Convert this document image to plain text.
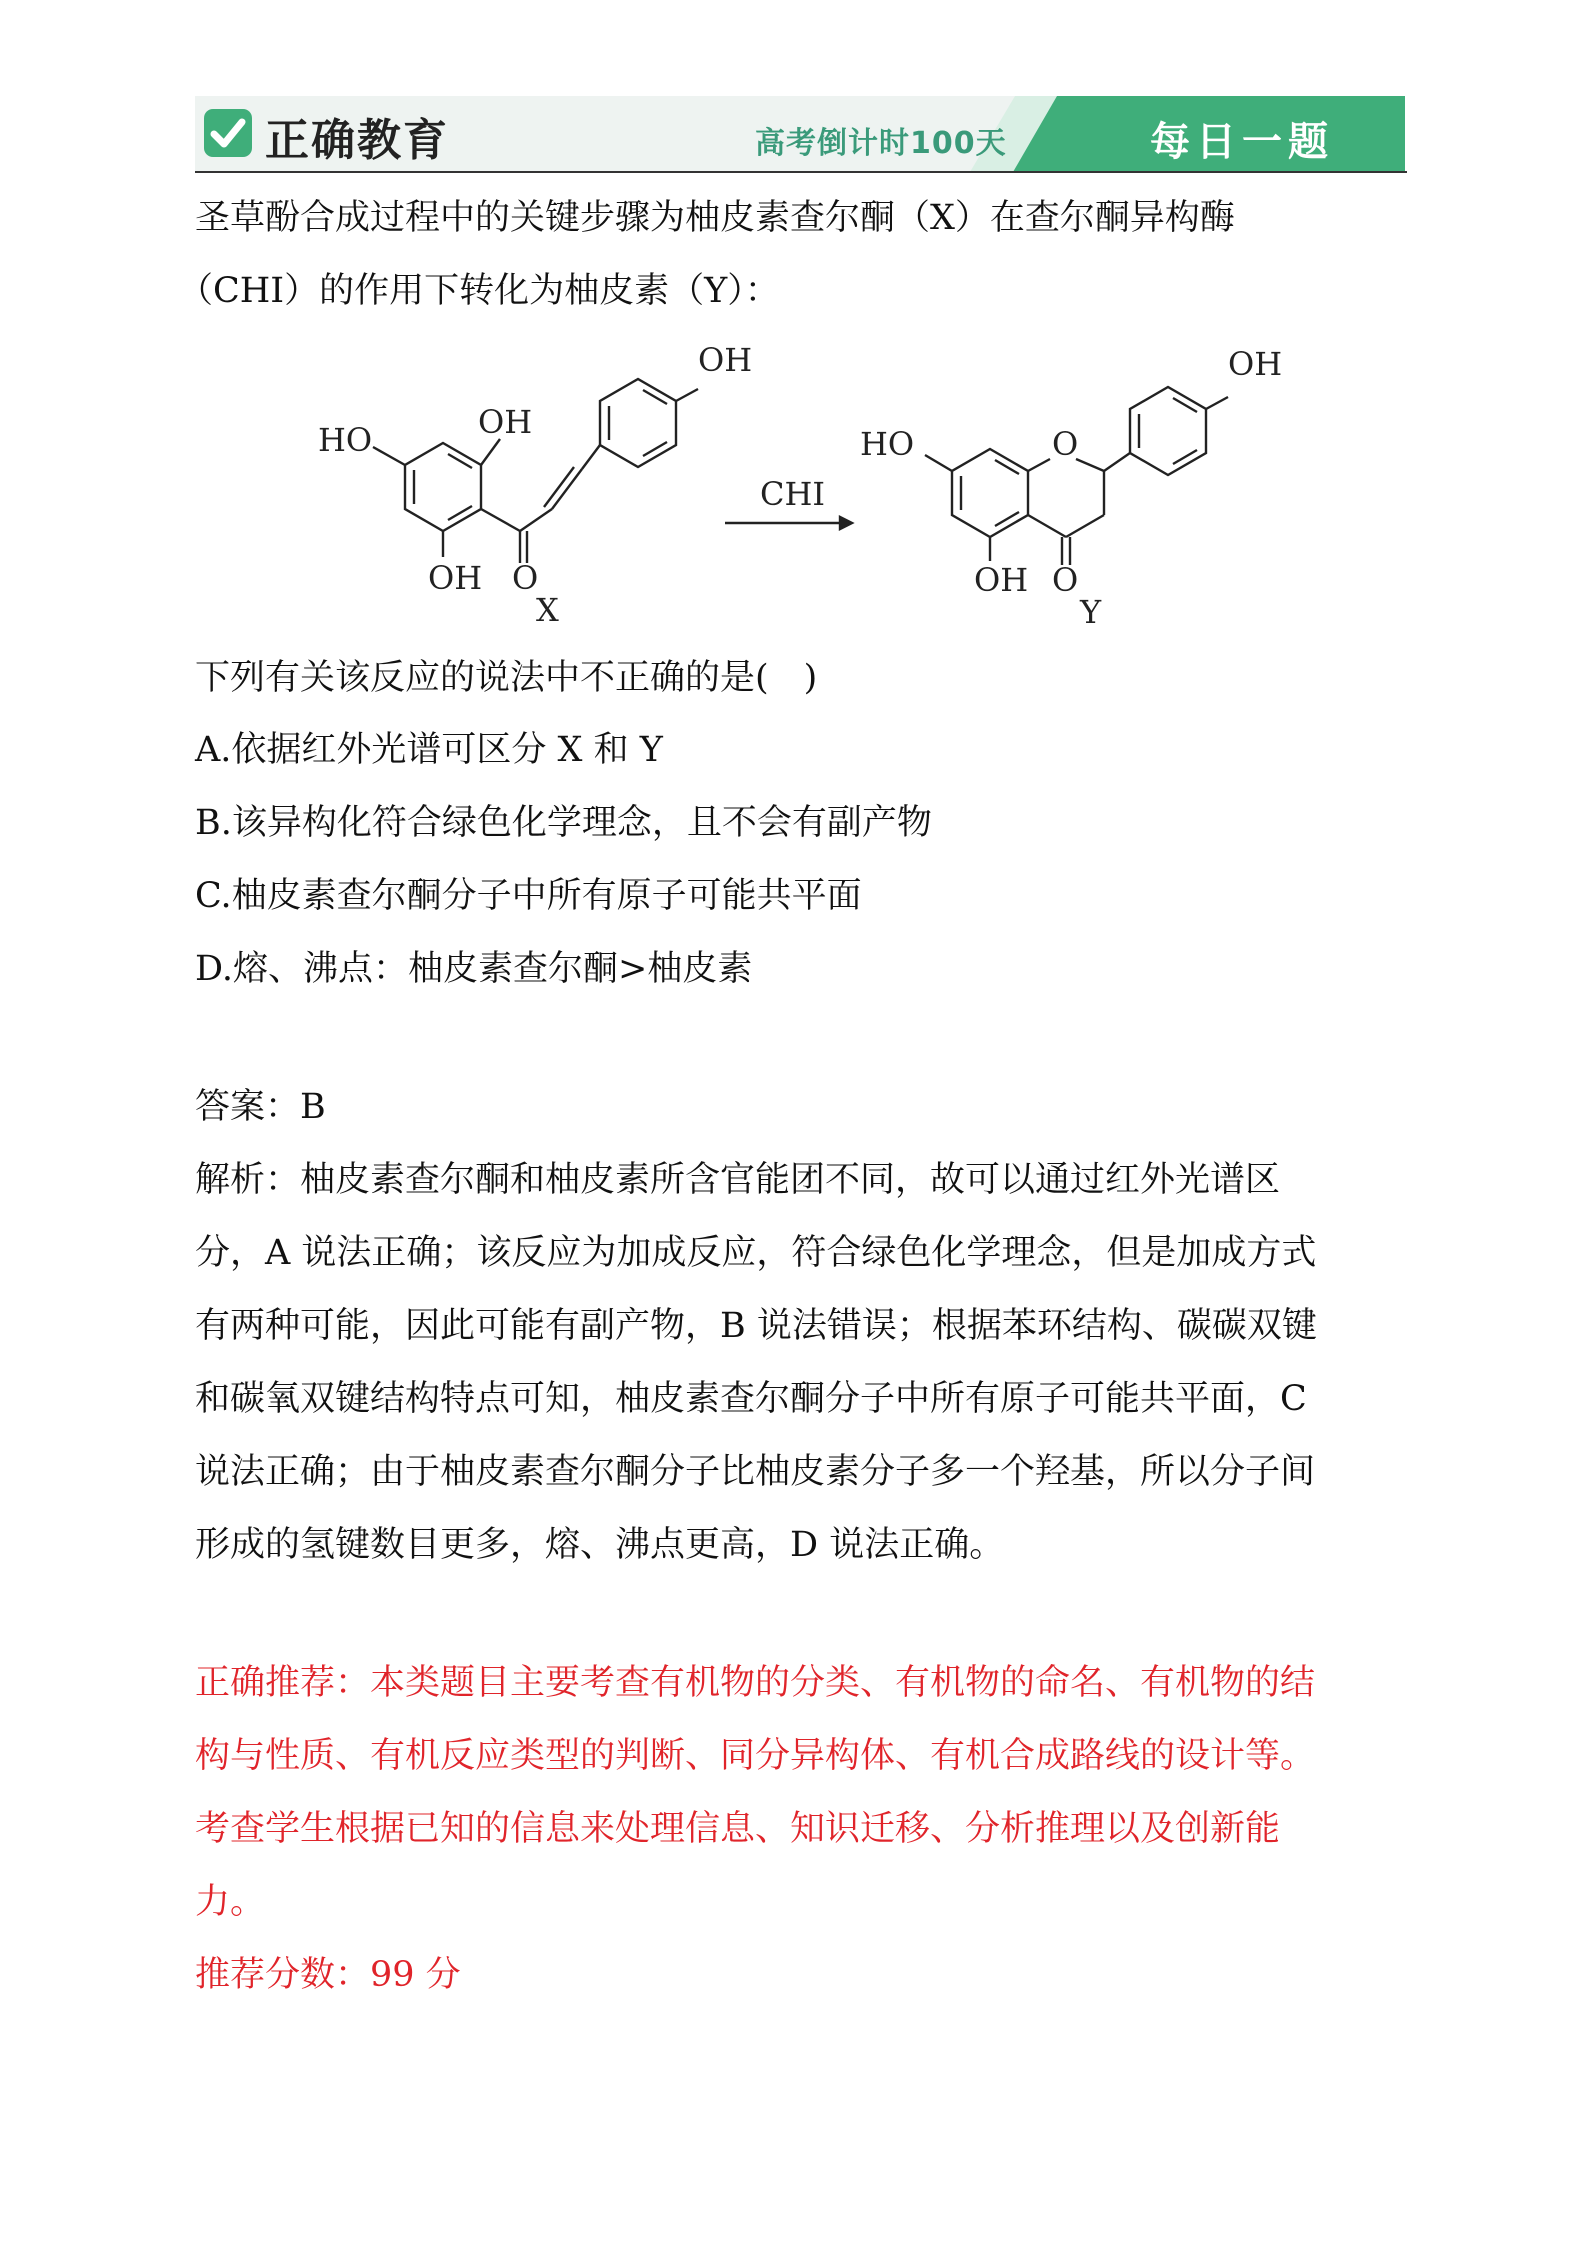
正确教育	高考倒计时100天	每日一题
圣草酚合成过程中的关键步骤为柚皮素查尔酮（X）在查尔酮异构酶
（CHI）的作用下转化为柚皮素（Y）：
OH
HO	OH
OH O
X
CHI
OH
HO	O
OH O
Y
下列有关该反应的说法中不正确的是(　)
A.依据红外光谱可区分 X 和 Y
B.该异构化符合绿色化学理念，且不会有副产物
C.柚皮素查尔酮分子中所有原子可能共平面
D.熔、沸点：柚皮素查尔酮>柚皮素
答案：B
解析：柚皮素查尔酮和柚皮素所含官能团不同，故可以通过红外光谱区
分，A 说法正确；该反应为加成反应，符合绿色化学理念，但是加成方式
有两种可能，因此可能有副产物，B 说法错误；根据苯环结构、碳碳双键
和碳氧双键结构特点可知，柚皮素查尔酮分子中所有原子可能共平面，C
说法正确；由于柚皮素查尔酮分子比柚皮素分子多一个羟基，所以分子间
形成的氢键数目更多，熔、沸点更高，D 说法正确。
正确推荐：本类题目主要考查有机物的分类、有机物的命名、有机物的结
构与性质、有机反应类型的判断、同分异构体、有机合成路线的设计等。
考查学生根据已知的信息来处理信息、知识迁移、分析推理以及创新能
力。
推荐分数：99 分
